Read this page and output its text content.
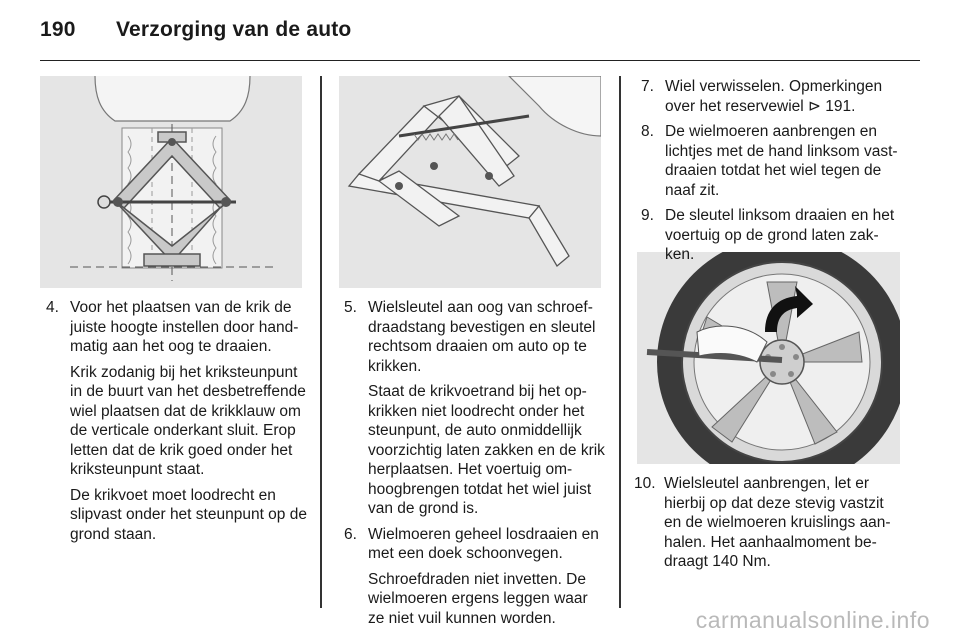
190 Verzorging van de auto
4. Voor het plaatsen van de krik de juiste hoogte instellen door hand-matig aan het oog te draaien.

Krik zodanig bij het kriksteunpunt in de buurt van het desbetreffende wiel plaatsen dat de krikklauw om de verticale onderkant sluit. Erop letten dat de krik goed onder het kriksteunpunt staat.

De krikvoet moet loodrecht en slipvast onder het steunpunt op de grond staan.

5. Wielsleutel aan oog van schroef-draadstang bevestigen en sleutel rechtsom draaien om auto op te krikken.

Staat de krikvoetrand bij het op-krikken niet loodrecht onder het steunpunt, de auto onmiddellijk voorzichtig laten zakken en de krik herplaatsen. Het voertuig om-hoogbrengen totdat het wiel juist van de grond is.

6. Wielmoeren geheel losdraaien en met een doek schoonvegen.

Schroefdraden niet invetten. De wielmoeren ergens leggen waar ze niet vuil kunnen worden.

7. Wiel verwisselen. Opmerkingen over het reservewiel ⊳ 191.

8. De wielmoeren aanbrengen en lichtjes met de hand linksom vast-draaien totdat het wiel tegen de naaf zit.

9. De sleutel linksom draaien en het voertuig op de grond laten zak-ken.

10. Wielsleutel aanbrengen, let er hierbij op dat deze stevig vastzit en de wielmoeren kruislings aan-halen. Het aanhaalmoment be-draagt 140 Nm.

carmanualsonline.info
